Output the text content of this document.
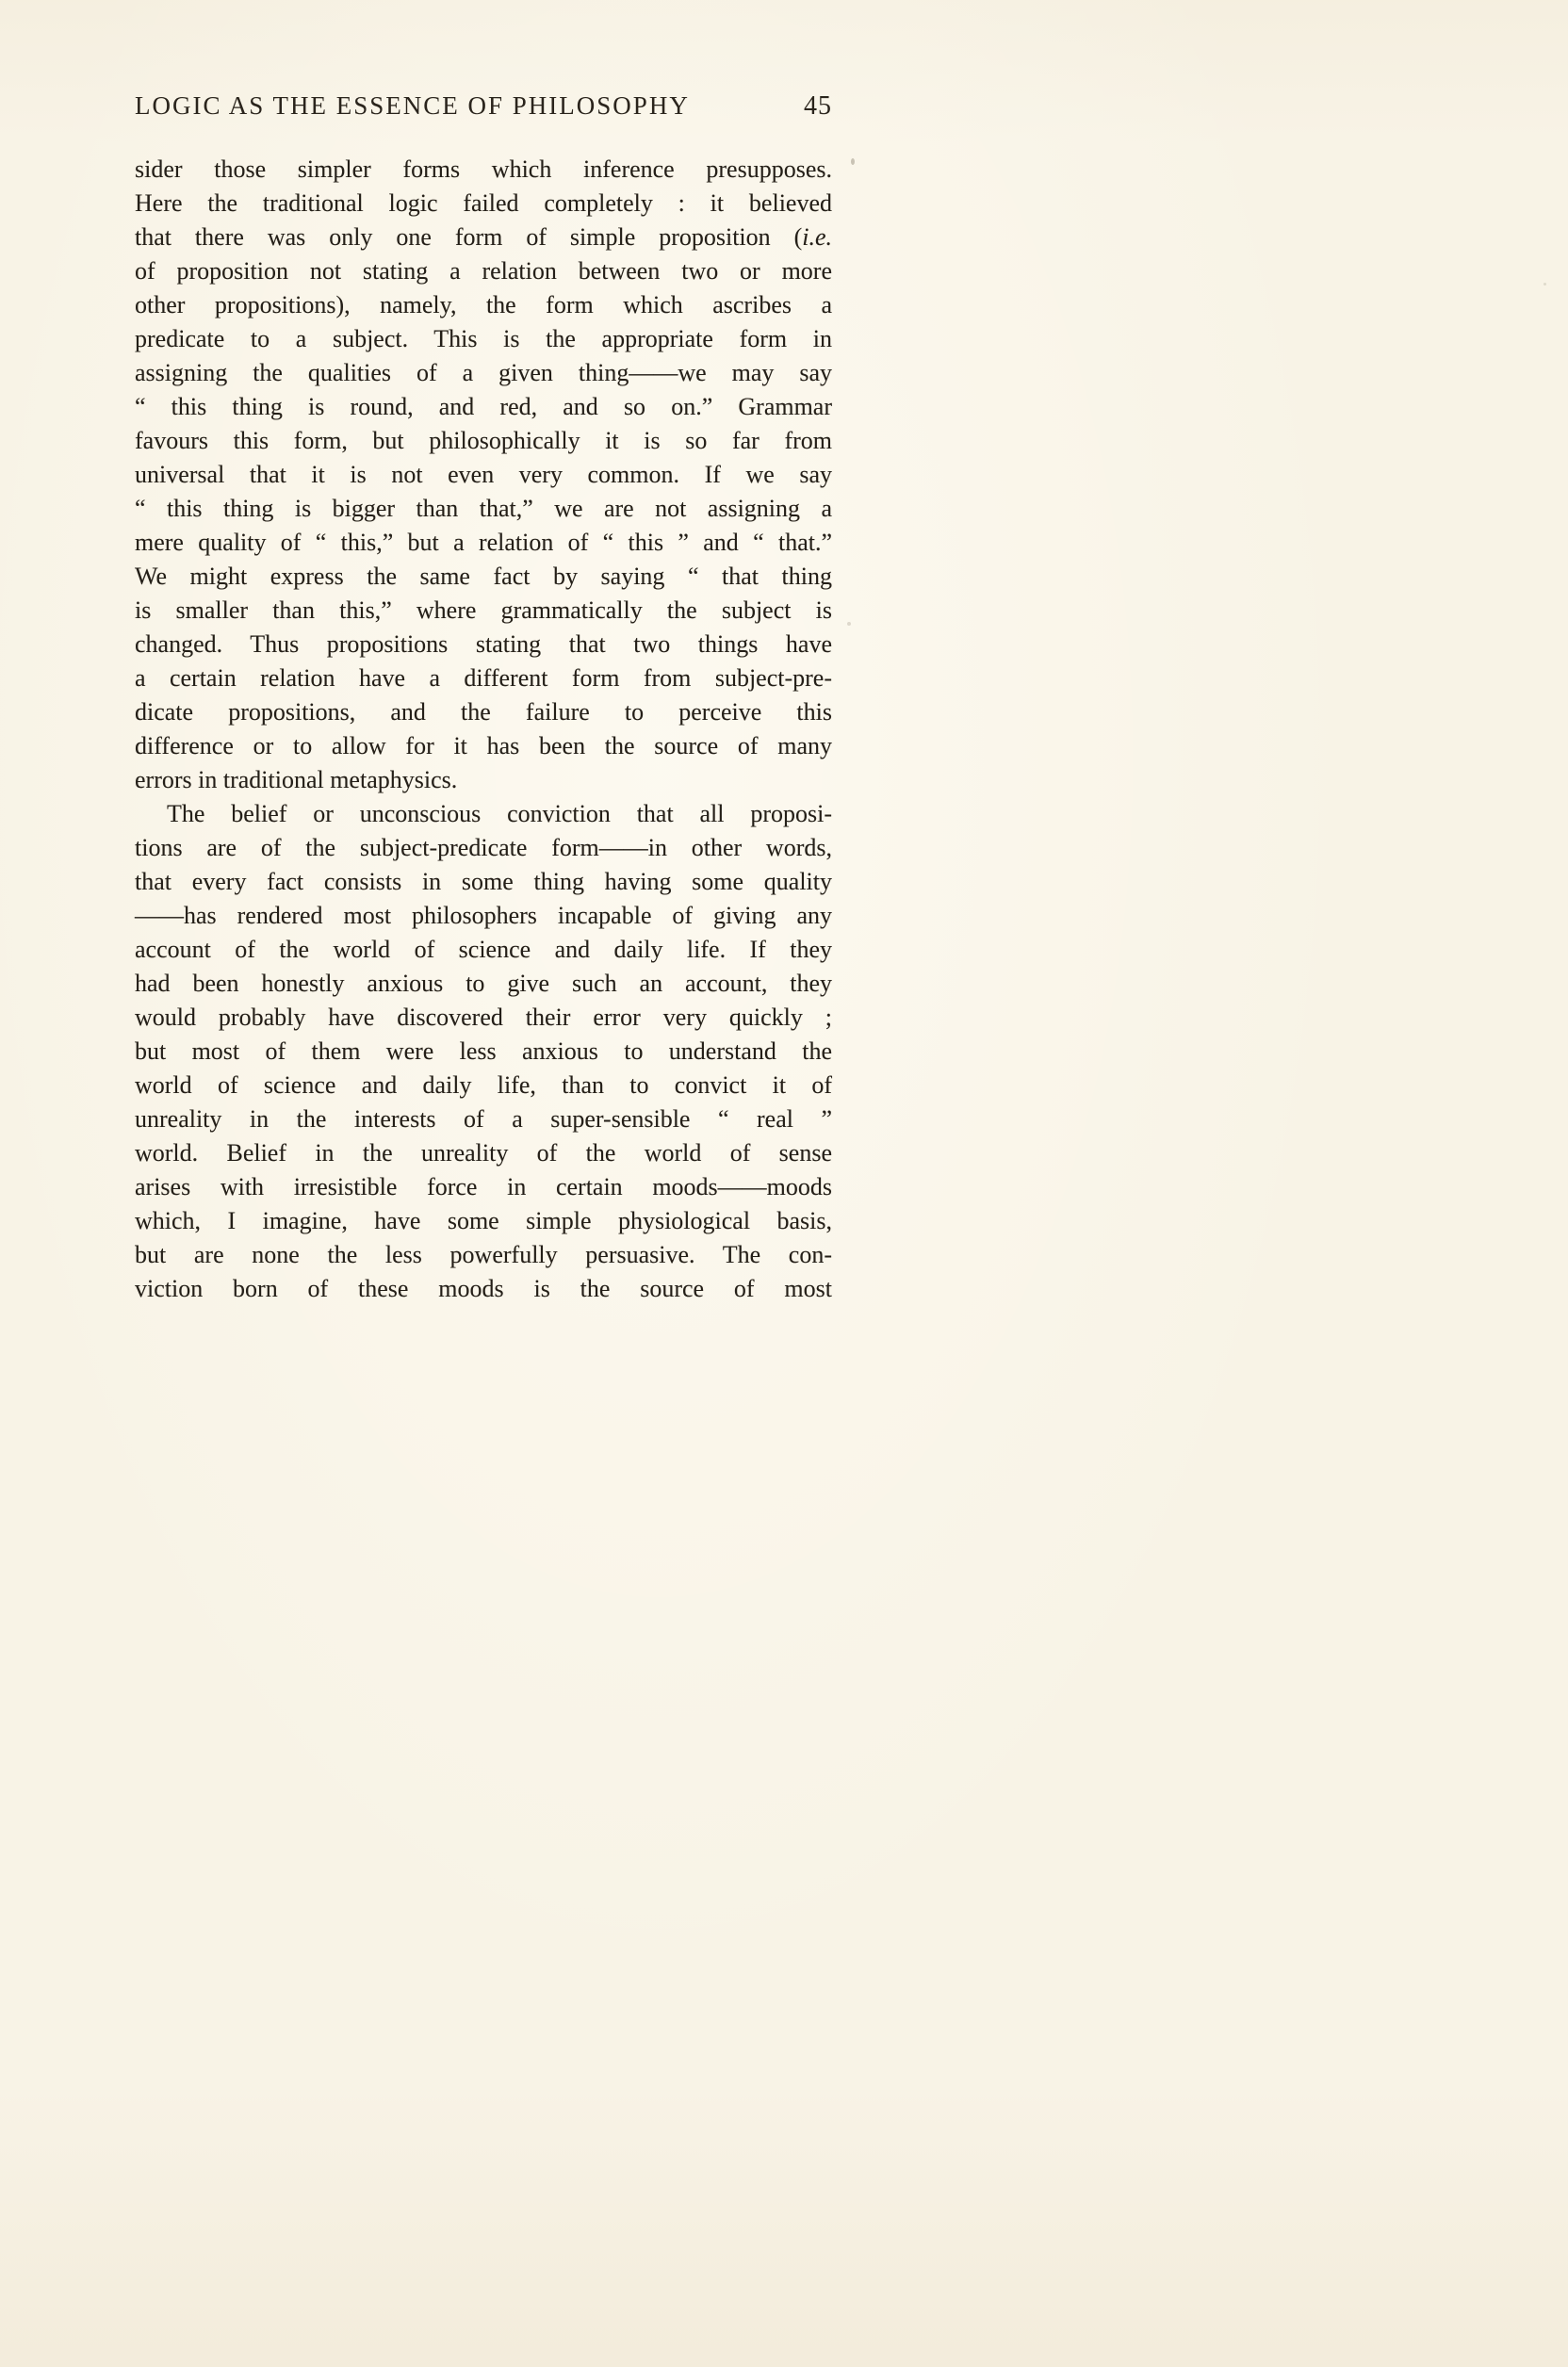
LOGIC AS THE ESSENCE OF PHILOSOPHY	45
sider those simpler forms which inference presupposes.
Here the traditional logic failed completely : it believed
that there was only one form of simple proposition (i.e.
of proposition not stating a relation between two or more
other propositions), namely, the form which ascribes a
predicate to a subject. This is the appropriate form in
assigning the qualities of a given thing——we may say
“ this thing is round, and red, and so on.” Grammar
favours this form, but philosophically it is so far from
universal that it is not even very common. If we say
“ this thing is bigger than that,” we are not assigning a
mere quality of “ this,” but a relation of “ this ” and “ that.”
We might express the same fact by saying “ that thing
is smaller than this,” where grammatically the subject is
changed. Thus propositions stating that two things have
a certain relation have a different form from subject-pre-
dicate propositions, and the failure to perceive this
difference or to allow for it has been the source of many
errors in traditional metaphysics.
The belief or unconscious conviction that all proposi-
tions are of the subject-predicate form——in other words,
that every fact consists in some thing having some quality
——has rendered most philosophers incapable of giving any
account of the world of science and daily life. If they
had been honestly anxious to give such an account, they
would probably have discovered their error very quickly ;
but most of them were less anxious to understand the
world of science and daily life, than to convict it of
unreality in the interests of a super-sensible “ real ”
world. Belief in the unreality of the world of sense
arises with irresistible force in certain moods——moods
which, I imagine, have some simple physiological basis,
but are none the less powerfully persuasive. The con-
viction born of these moods is the source of most
